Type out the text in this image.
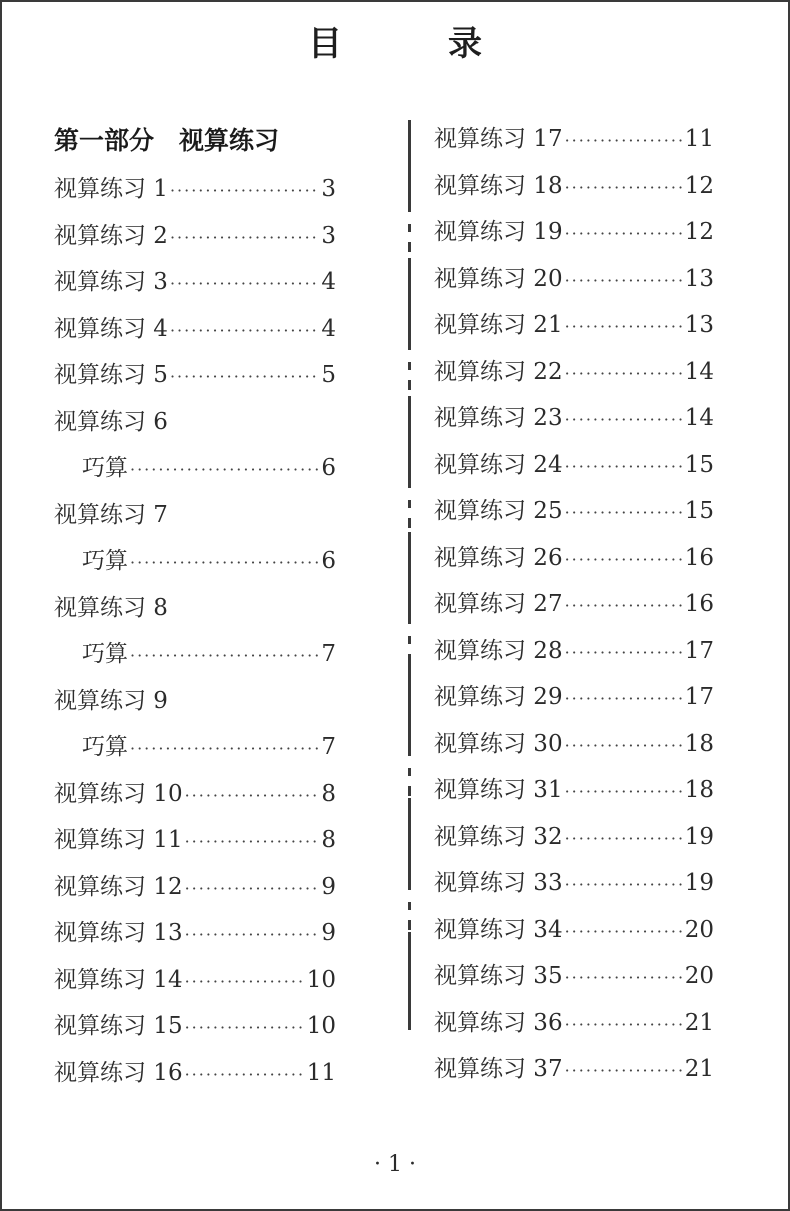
目　录
第一部分　视算练习
视算练习 1 ·····	3
视算练习 2 ·····	3
视算练习 3 ·····	4
视算练习 4 ·····	4
视算练习 5 ·····	5
视算练习 6
巧算 ·····	6
视算练习 7
巧算 ·····	6
视算练习 8
巧算 ·····	7
视算练习 9
巧算 ·····	7
视算练习 10 ·····	8
视算练习 11 ·····	8
视算练习 12 ·····	9
视算练习 13 ·····	9
视算练习 14 ·····	10
视算练习 15 ·····	10
视算练习 16 ·····	11
视算练习 17 ·····	11
视算练习 18 ·····	12
视算练习 19 ·····	12
视算练习 20 ·····	13
视算练习 21 ·····	13
视算练习 22 ·····	14
视算练习 23 ·····	14
视算练习 24 ·····	15
视算练习 25 ·····	15
视算练习 26 ·····	16
视算练习 27 ·····	16
视算练习 28 ·····	17
视算练习 29 ·····	17
视算练习 30 ·····	18
视算练习 31 ·····	18
视算练习 32 ·····	19
视算练习 33 ·····	19
视算练习 34 ·····	20
视算练习 35 ·····	20
视算练习 36 ·····	21
视算练习 37 ·····	21
· 1 ·
